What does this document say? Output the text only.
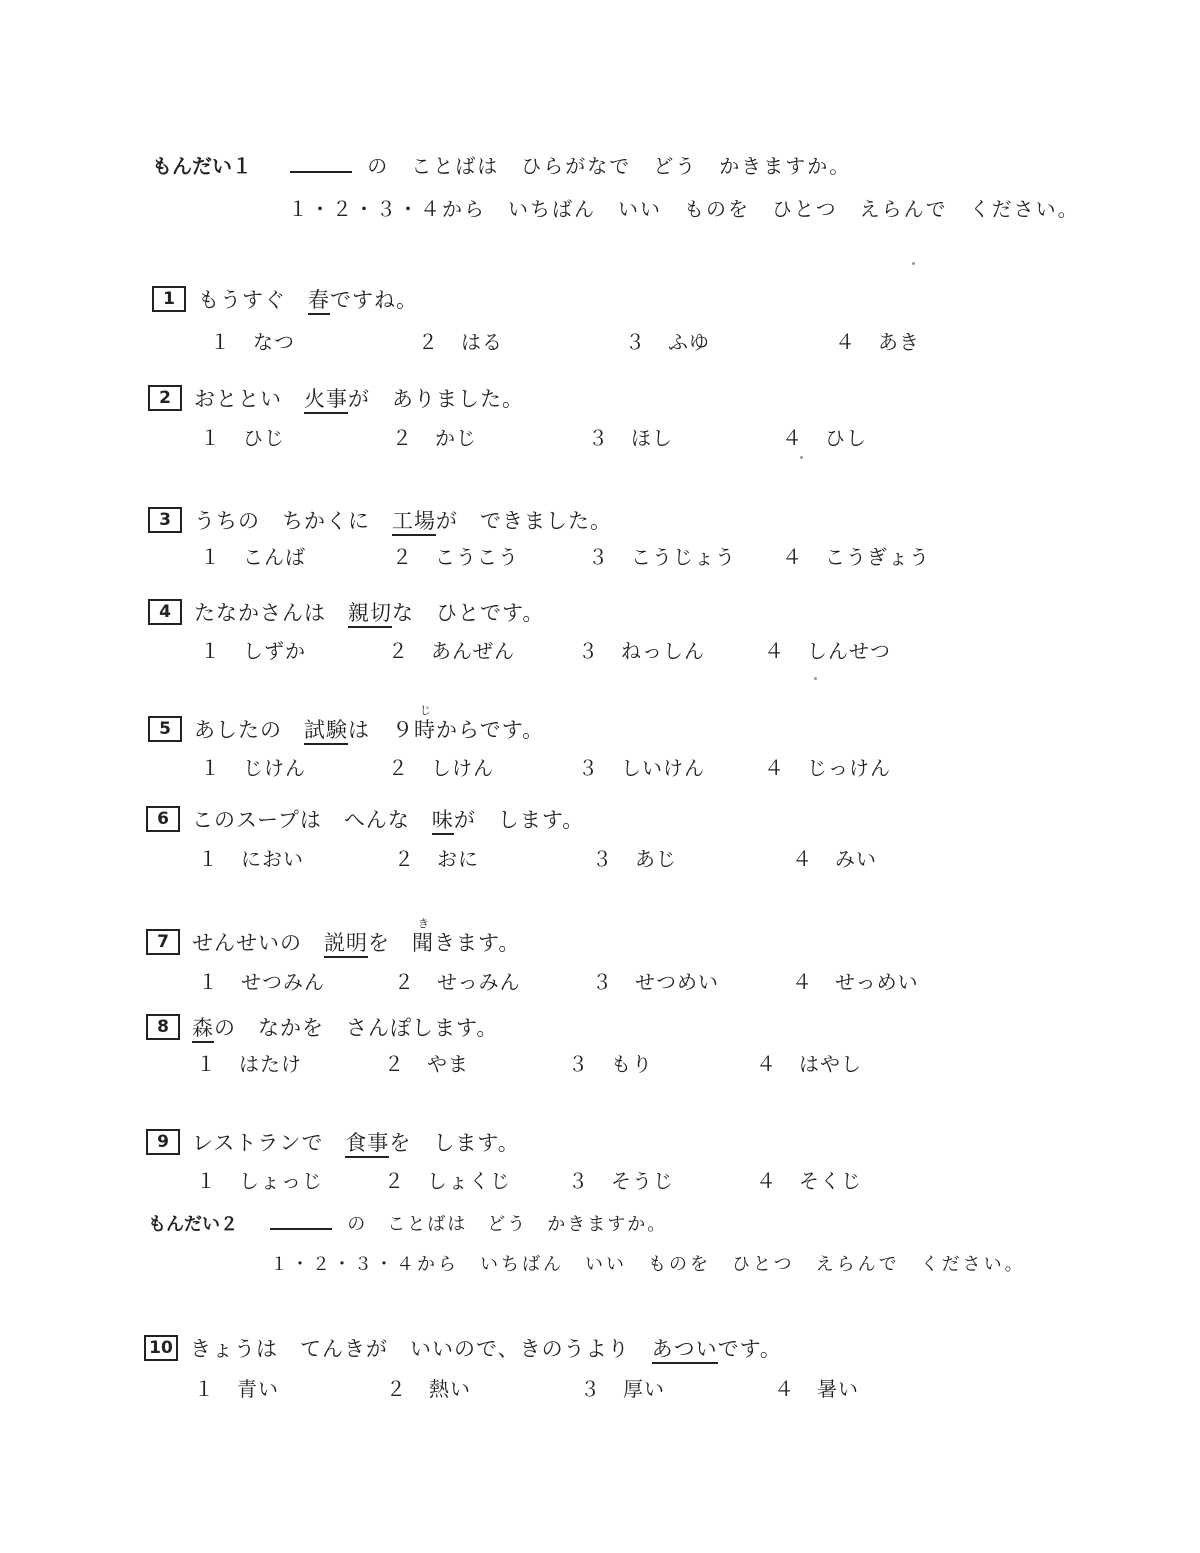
もんだい１	の　ことばは　ひらがなで　どう　かきますか。
１・２・３・４から　いちばん　いい　ものを　ひとつ　えらんで　ください。
1 もうすぐ　春ですね。
１ なつ	２ はる	３ ふゆ	４ あき
2 おととい　火事が　ありました。
１ ひじ	２ かじ	３ ほし	４ ひし
3 うちの　ちかくに　工場が　できました。
１ こんば	２ こうこう	３ こうじょう ４ こうぎょう
4 たなかさんは　親切な　ひとです。
１ しずか	２ あんぜん	３ ねっしん	４ しんせつ
5 あしたの　試験は　９時からです。
じ
１ じけん	２ しけん	３ しいけん	４ じっけん
6 このスープは　へんな　味が　します。
１ におい	２ おに	３ あじ	４ みい
7 せんせいの　説明を　聞きます。
き
１ せつみん	２ せっみん	３ せつめい	４ せっめい
8 森の　なかを　さんぽします。
１ はたけ	２ やま	３ もり	４ はやし
9 レストランで　食事を　します。
１ しょっじ	２ しょくじ	３ そうじ	４ そくじ
10 きょうは　てんきが　いいので、きのうより　あついです。
１ 青い	２ 熱い	３ 厚い	４ 暑い
もんだい２	の　ことばは　どう　かきますか。
１・２・３・４から　いちばん　いい　ものを　ひとつ　えらんで　ください。
